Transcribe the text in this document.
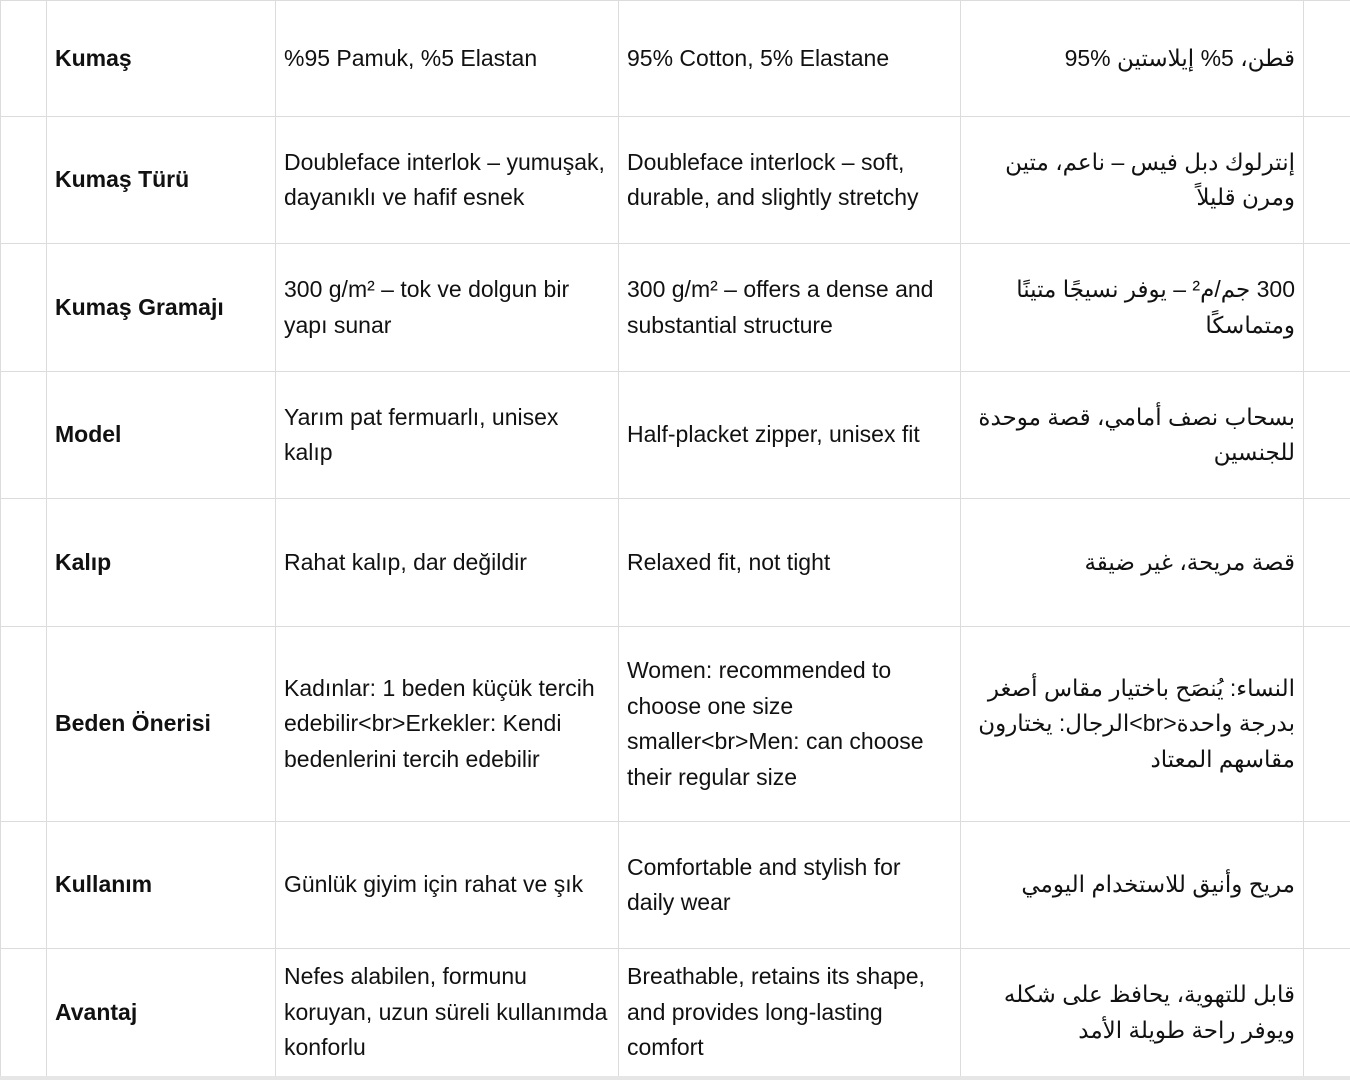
	Kumaş	%95 Pamuk, %5 Elastan	95% Cotton, 5% Elastane	قطن، 5% إيلاستين %95	
	Kumaş Türü	Doubleface interlok – yumuşak, dayanıklı ve hafif esnek	Doubleface interlock – soft, durable, and slightly stretchy	إنترلوك دبل فيس – ناعم، متين ومرن قليلاً	
	Kumaş Gramajı	300 g/m² – tok ve dolgun bir yapı sunar	300 g/m² – offers a dense and substantial structure	300 جم/م² – يوفر نسيجًا متينًا ومتماسكًا	
	Model	Yarım pat fermuarlı, unisex kalıp	Half-placket zipper, unisex fit	بسحاب نصف أمامي، قصة موحدة للجنسين	
	Kalıp	Rahat kalıp, dar değildir	Relaxed fit, not tight	قصة مريحة، غير ضيقة	
	Beden Önerisi	Kadınlar: 1 beden küçük tercih edebilir<br>Erkekler: Kendi bedenlerini tercih edebilir	Women: recommended to choose one size smaller<br>Men: can choose their regular size	النساء: يُنصَح باختيار مقاس أصغر بدرجة واحدة<br>الرجال: يختارون مقاسهم المعتاد	
	Kullanım	Günlük giyim için rahat ve şık	Comfortable and stylish for daily wear	مريح وأنيق للاستخدام اليومي	
	Avantaj	Nefes alabilen, formunu koruyan, uzun süreli kullanımda konforlu	Breathable, retains its shape, and provides long-lasting comfort	قابل للتهوية، يحافظ على شكله ويوفر راحة طويلة الأمد	
